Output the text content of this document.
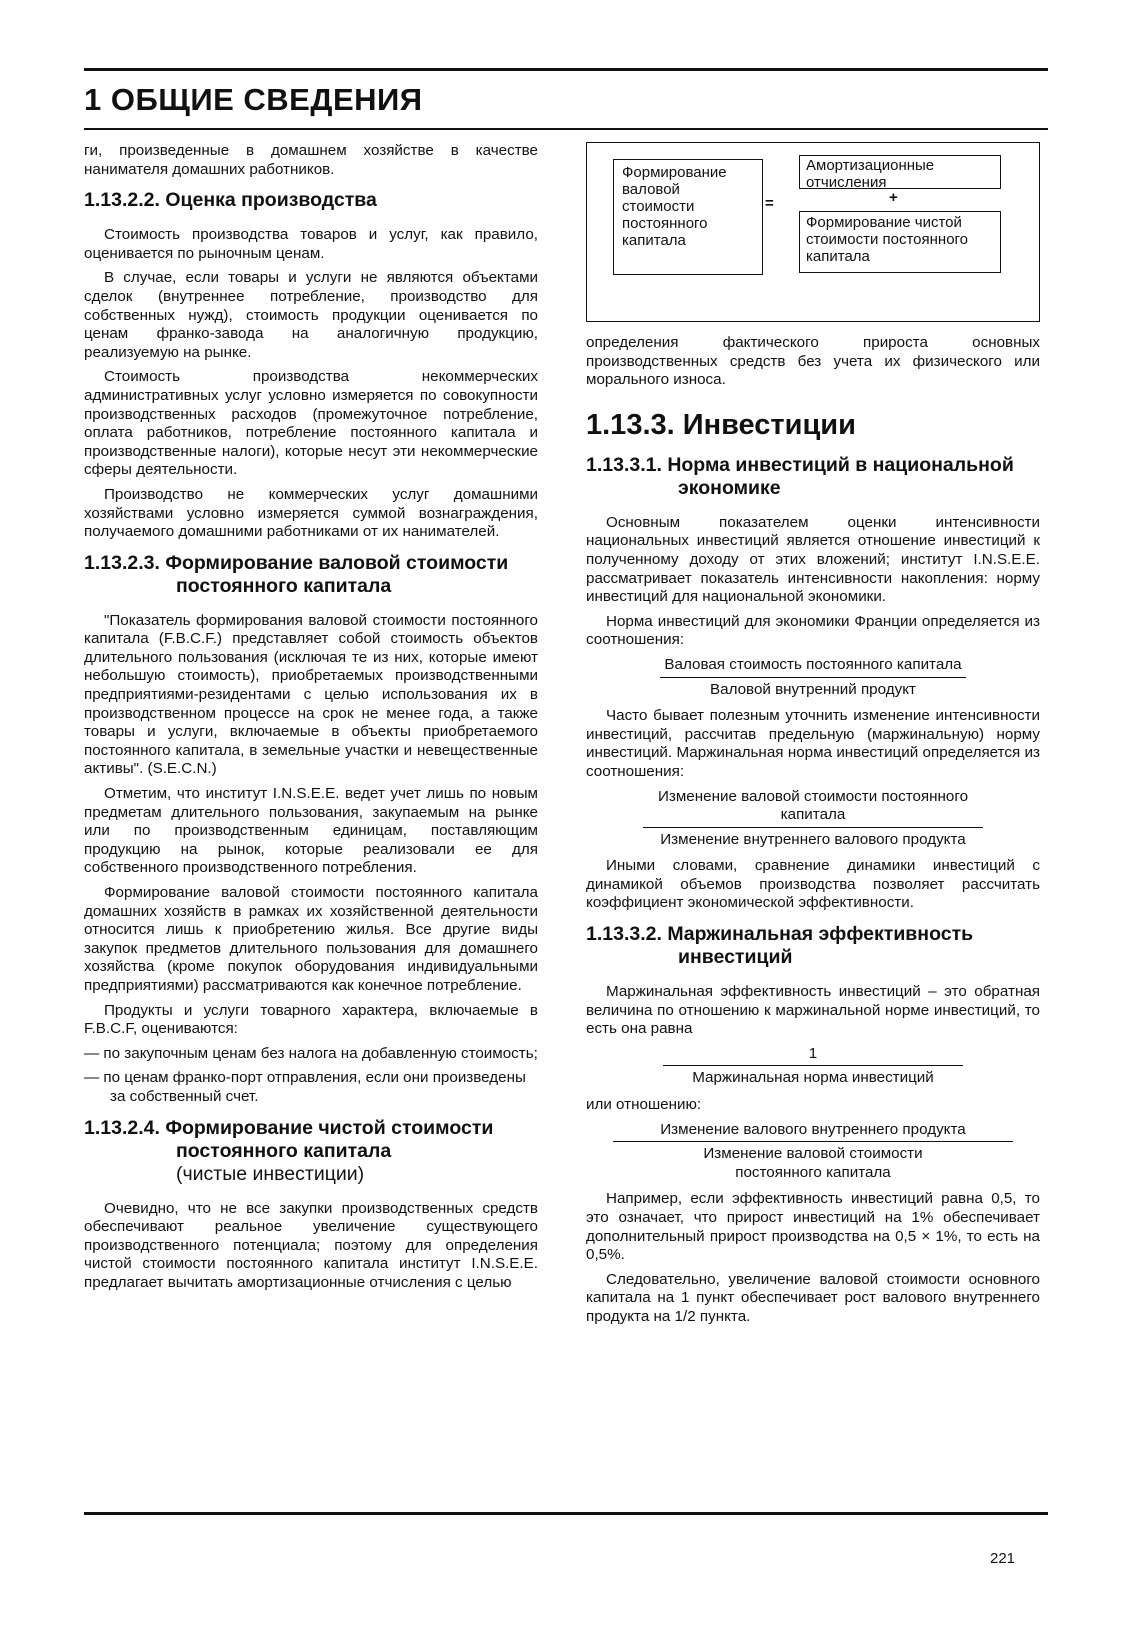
1 ОБЩИЕ СВЕДЕНИЯ

ги, произведенные в домашнем хозяйстве в качестве нанимателя домашних работников.

1.13.2.2. Оценка производства

Стоимость производства товаров и услуг, как правило, оценивается по рыночным ценам.

В случае, если товары и услуги не являются объектами сделок (внутреннее потребление, производство для собственных нужд), стоимость продукции оценивается по ценам франко-завода на аналогичную продукцию, реализуемую на рынке.

Стоимость производства некоммерческих административных услуг условно измеряется по совокупности производственных расходов (промежуточное потребление, оплата работников, потребление постоянного капитала и производственные налоги), которые несут эти некоммерческие сферы деятельности.

Производство не коммерческих услуг домашними хозяйствами условно измеряется суммой вознаграждения, получаемого домашними работниками от их нанимателей.

1.13.2.3. Формирование валовой стоимости постоянного капитала

"Показатель формирования валовой стоимости постоянного капитала (F.B.C.F.) представляет собой стоимость объектов длительного пользования (исключая те из них, которые имеют небольшую стоимость), приобретаемых производственными предприятиями-резидентами с целью использования их в производственном процессе на срок не менее года, а также товары и услуги, включаемые в объекты приобретаемого постоянного капитала, в земельные участки и невещественные активы". (S.E.C.N.)

Отметим, что институт I.N.S.E.E. ведет учет лишь по новым предметам длительного пользования, закупаемым на рынке или по производственным единицам, поставляющим продукцию на рынок, которые реализовали ее для собственного производственного потребления.

Формирование валовой стоимости постоянного капитала домашних хозяйств в рамках их хозяйственной деятельности относится лишь к приобретению жилья. Все другие виды закупок предметов длительного пользования для домашнего хозяйства (кроме покупок оборудования индивидуальными предприятиями) рассматриваются как конечное потребление.

Продукты и услуги товарного характера, включаемые в F.B.C.F, оцениваются:

— по закупочным ценам без налога на добавленную стоимость;

— по ценам франко-порт отправления, если они произведены за собственный счет.

1.13.2.4. Формирование чистой стоимости постоянного капитала
(чистые инвестиции)

Очевидно, что не все закупки производственных средств обеспечивают реальное увеличение существующего производственного потенциала; поэтому для определения чистой стоимости постоянного капитала институт I.N.S.E.E. предлагает вычитать амортизационные отчисления с целью

Формирование валовой стоимости постоянного капитала
=
Амортизационные отчисления
+
Формирование чистой стоимости постоянного капитала

определения фактического прироста основных производственных средств без учета их физического или морального износа.

1.13.3. Инвестиции
1.13.3.1. Норма инвестиций в национальной экономике

Основным показателем оценки интенсивности национальных инвестиций является отношение инвестиций к полученному доходу от этих вложений; институт I.N.S.E.E. рассматривает показатель интенсивности накопления: норму инвестиций для национальной экономики.

Норма инвестиций для экономики Франции определяется из соотношения:

Валовая стоимость постоянного капитала
Валовой внутренний продукт

Часто бывает полезным уточнить изменение интенсивности инвестиций, рассчитав предельную (маржинальную) норму инвестиций. Маржинальная норма инвестиций определяется из соотношения:

Изменение валовой стоимости постоянного капитала
Изменение внутреннего валового продукта

Иными словами, сравнение динамики инвестиций с динамикой объемов производства позволяет рассчитать коэффициент экономической эффективности.

1.13.3.2. Маржинальная эффективность инвестиций

Маржинальная эффективность инвестиций – это обратная величина по отношению к маржинальной норме инвестиций, то есть она равна

1
Маржинальная норма инвестиций

или отношению:

Изменение валового внутреннего продукта
Изменение валовой стоимости постоянного капитала

Например, если эффективность инвестиций равна 0,5, то это означает, что прирост инвестиций на 1% обеспечивает дополнительный прирост производства на 0,5 × 1%, то есть на 0,5%.

Следовательно, увеличение валовой стоимости основного капитала на 1 пункт обеспечивает рост валового внутреннего продукта на 1/2 пункта.

221
